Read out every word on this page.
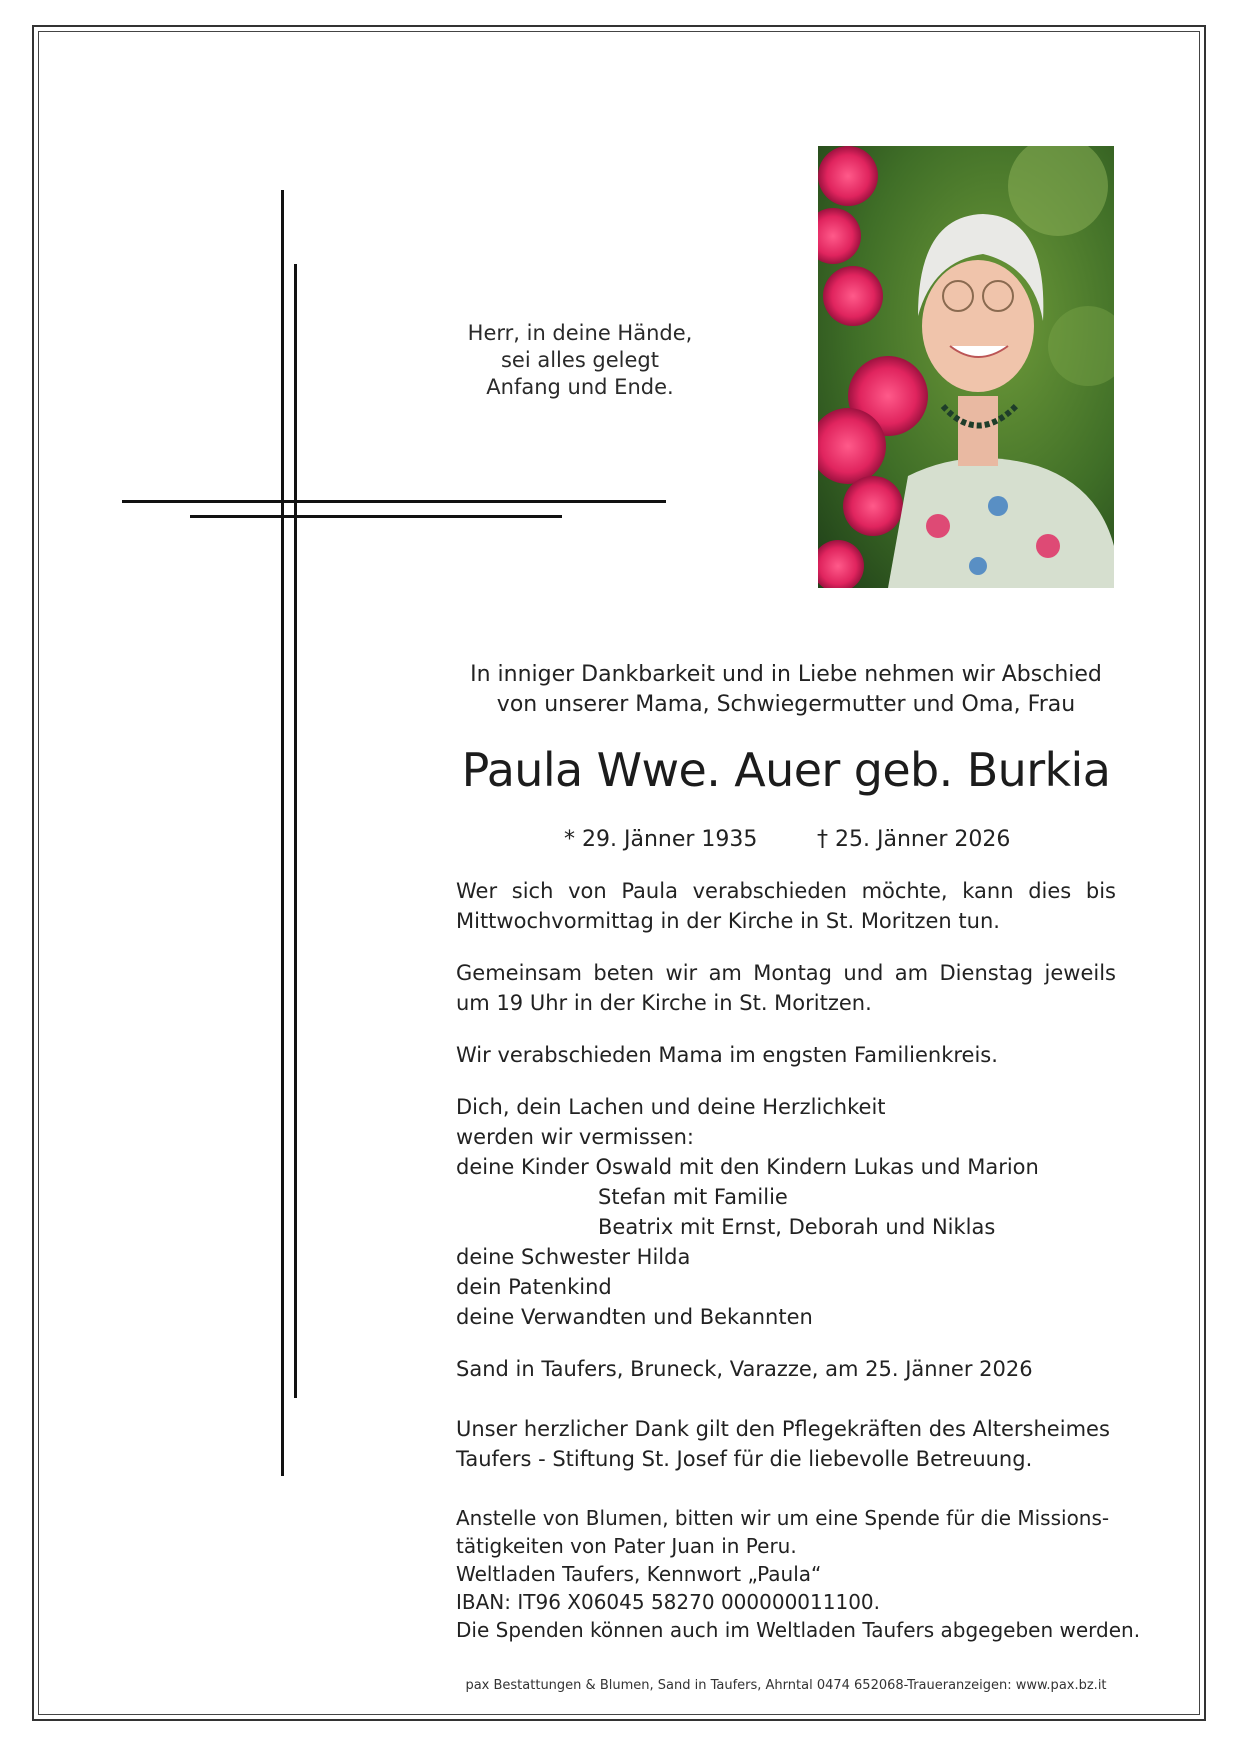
Herr, in deine Hände,
sei alles gelegt
Anfang und Ende.
In inniger Dankbarkeit und in Liebe nehmen wir Abschied
von unserer Mama, Schwiegermutter und Oma, Frau
Paula Wwe. Auer geb. Burkia
* 29. Jänner 1935	† 25. Jänner 2026
Wer sich von Paula verabschieden möchte, kann dies bis Mittwochvormittag in der Kirche in St. Moritzen tun.
Gemeinsam beten wir am Montag und am Dienstag jeweils um 19 Uhr in der Kirche in St. Moritzen.
Wir verabschieden Mama im engsten Familienkreis.
Dich, dein Lachen und deine Herzlichkeit
werden wir vermissen:
deine Kinder Oswald mit den Kindern Lukas und Marion
Stefan mit Familie
Beatrix mit Ernst, Deborah und Niklas
deine Schwester Hilda
dein Patenkind
deine Verwandten und Bekannten
Sand in Taufers, Bruneck, Varazze, am 25. Jänner 2026
Unser herzlicher Dank gilt den Pflegekräften des Altersheimes
Taufers - Stiftung St. Josef für die liebevolle Betreuung.
Anstelle von Blumen, bitten wir um eine Spende für die Missions-
tätigkeiten von Pater Juan in Peru.
Weltladen Taufers, Kennwort „Paula“
IBAN: IT96 X06045 58270 000000011100.
Die Spenden können auch im Weltladen Taufers abgegeben werden.
pax Bestattungen & Blumen, Sand in Taufers, Ahrntal 0474 652068-Traueranzeigen: www.pax.bz.it
